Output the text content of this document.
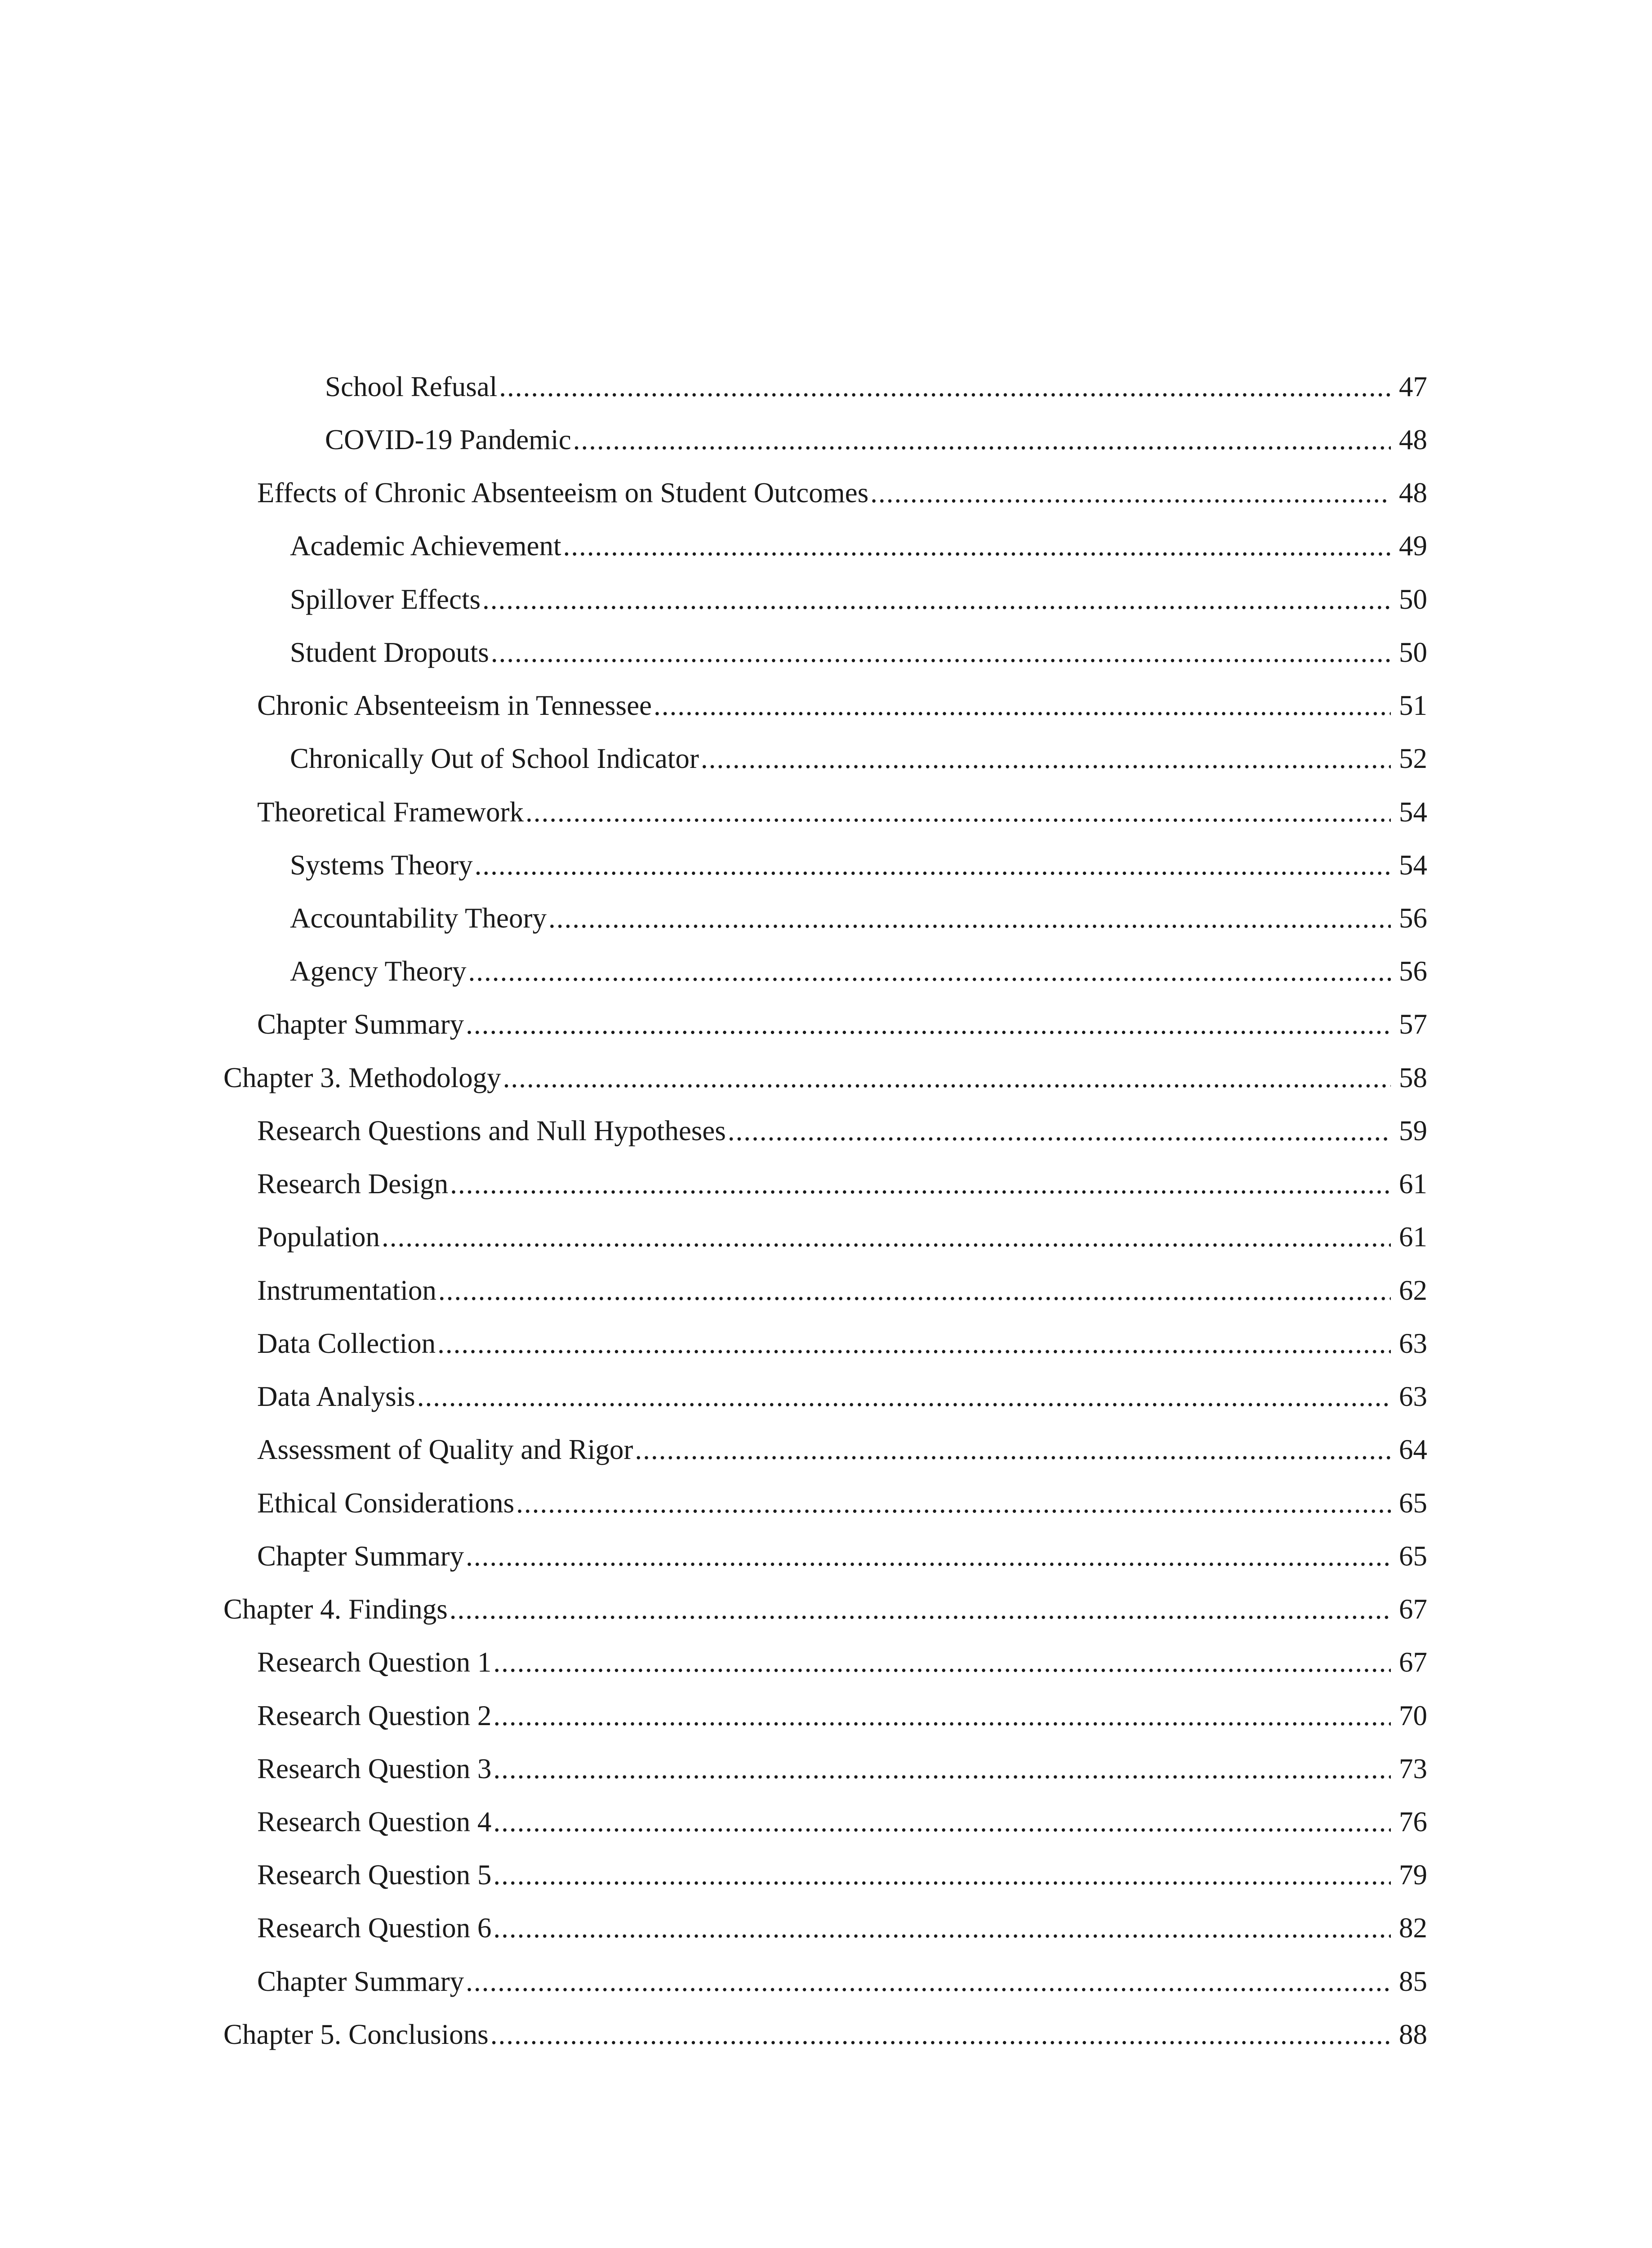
School Refusal .....	47
COVID-19 Pandemic .....	48
Effects of Chronic Absenteeism on Student Outcomes .....	48
Academic Achievement .....	49
Spillover Effects .....	50
Student Dropouts .....	50
Chronic Absenteeism in Tennessee .....	51
Chronically Out of School Indicator .....	52
Theoretical Framework .....	54
Systems Theory .....	54
Accountability Theory .....	56
Agency Theory .....	56
Chapter Summary .....	57
Chapter 3. Methodology .....	58
Research Questions and Null Hypotheses .....	59
Research Design .....	61
Population .....	61
Instrumentation .....	62
Data Collection .....	63
Data Analysis .....	63
Assessment of Quality and Rigor .....	64
Ethical Considerations .....	65
Chapter Summary .....	65
Chapter 4. Findings .....	67
Research Question 1 .....	67
Research Question 2 .....	70
Research Question 3 .....	73
Research Question 4 .....	76
Research Question 5 .....	79
Research Question 6 .....	82
Chapter Summary .....	85
Chapter 5. Conclusions .....	88
